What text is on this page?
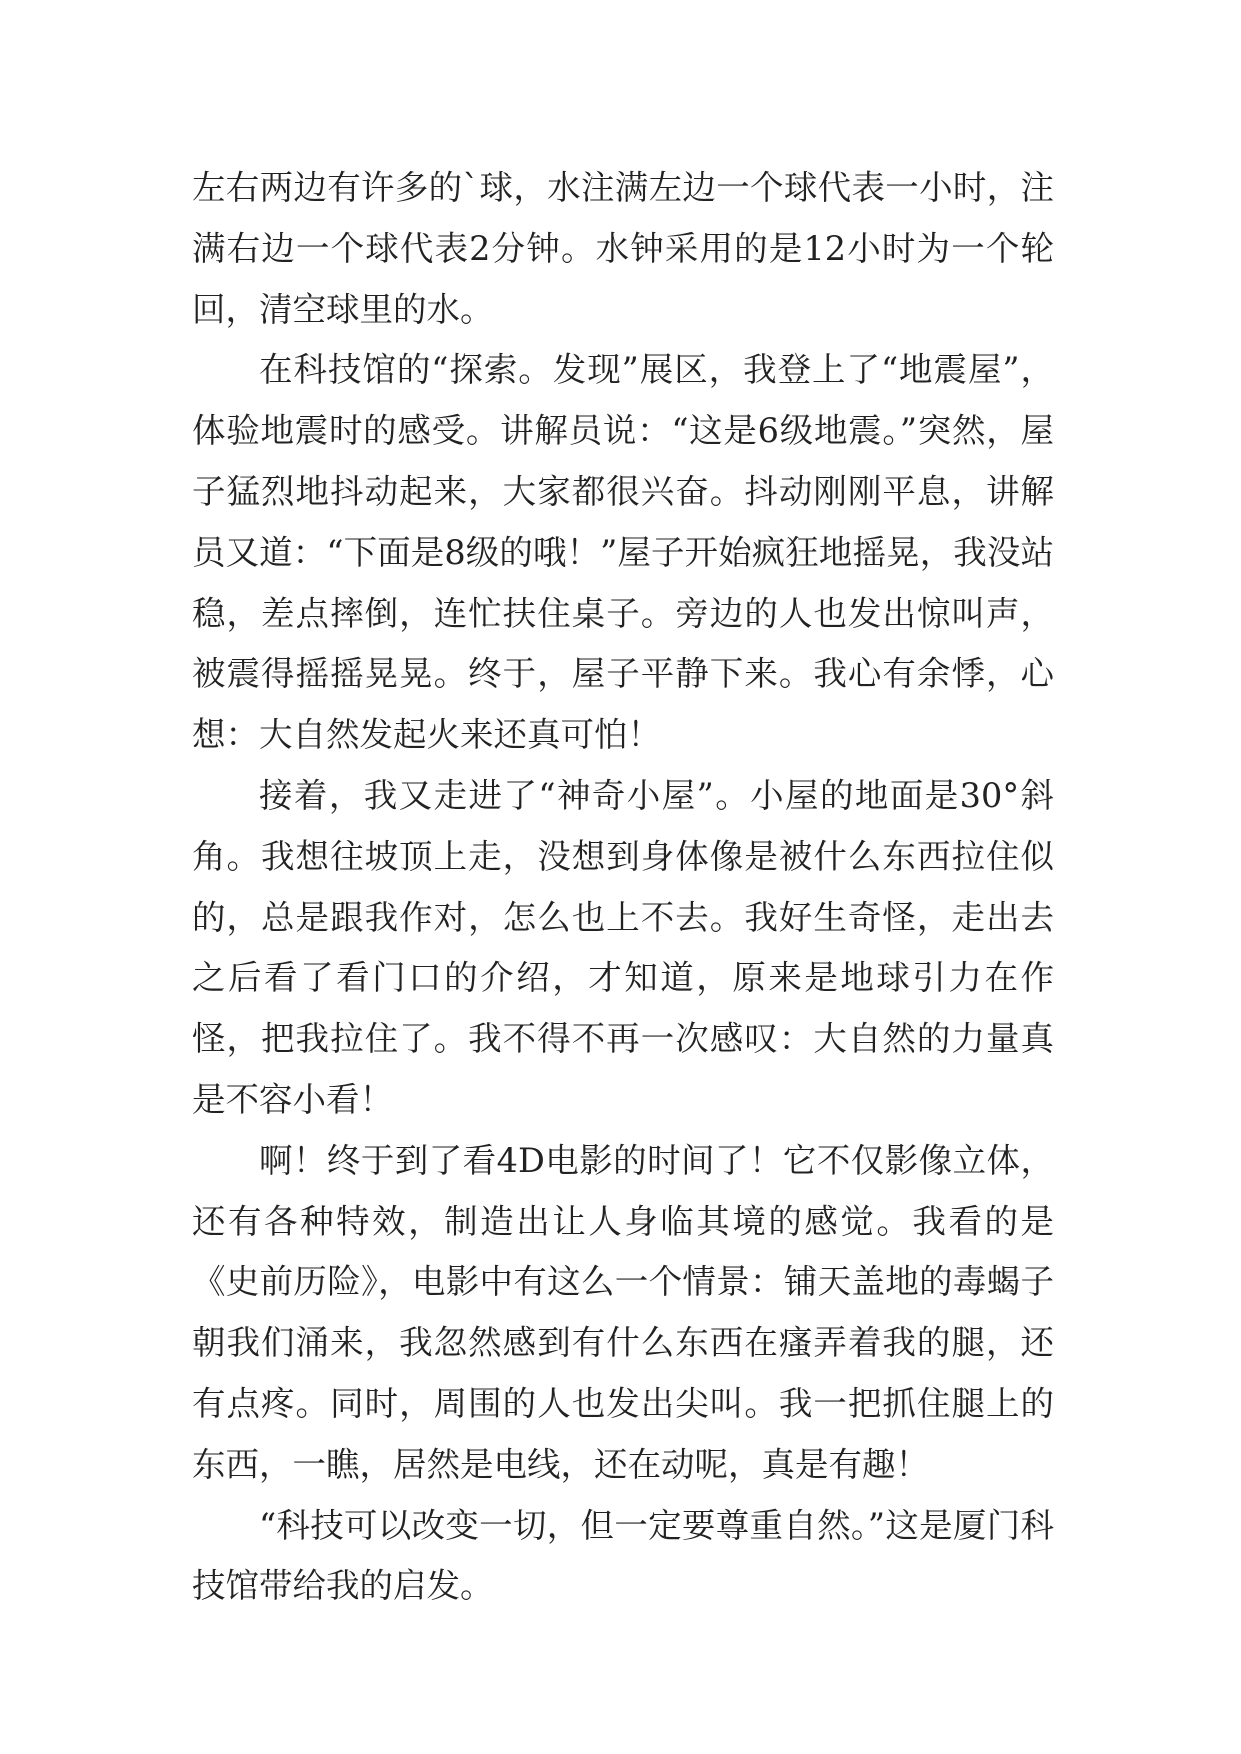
左右两边有许多的`球，水注满左边一个球代表一小时，注满右边一个球代表2分钟。水钟采用的是12小时为一个轮回，清空球里的水。

在科技馆的“探索。发现”展区，我登上了“地震屋”，体验地震时的感受。讲解员说：“这是6级地震。”突然，屋子猛烈地抖动起来，大家都很兴奋。抖动刚刚平息，讲解员又道：“下面是8级的哦！”屋子开始疯狂地摇晃，我没站稳，差点摔倒，连忙扶住桌子。旁边的人也发出惊叫声，被震得摇摇晃晃。终于，屋子平静下来。我心有余悸，心想：大自然发起火来还真可怕！

接着，我又走进了“神奇小屋”。小屋的地面是30°斜角。我想往坡顶上走，没想到身体像是被什么东西拉住似的，总是跟我作对，怎么也上不去。我好生奇怪，走出去之后看了看门口的介绍，才知道，原来是地球引力在作怪，把我拉住了。我不得不再一次感叹：大自然的力量真是不容小看！

啊！终于到了看4D电影的时间了！它不仅影像立体，还有各种特效，制造出让人身临其境的感觉。我看的是《史前历险》，电影中有这么一个情景：铺天盖地的毒蝎子朝我们涌来，我忽然感到有什么东西在瘙弄着我的腿，还有点疼。同时，周围的人也发出尖叫。我一把抓住腿上的东西，一瞧，居然是电线，还在动呢，真是有趣！

“科技可以改变一切，但一定要尊重自然。”这是厦门科技馆带给我的启发。
